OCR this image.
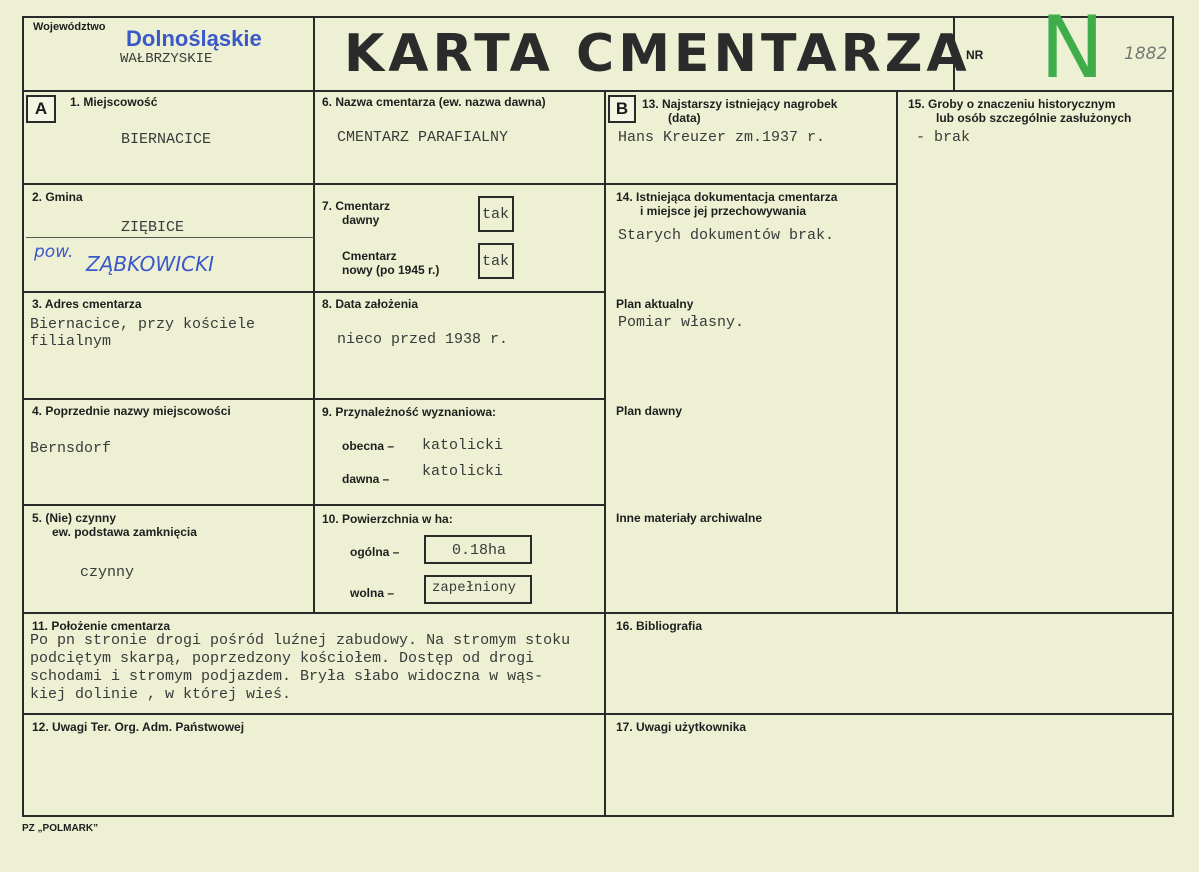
Województwo Dolnośląskie
WAŁBRZYSKIE	KARTA CMENTARZA
NR N 1882
A	1. Miejscowość
BIERNACICE
2. Gmina
ZIĘBICE
pow. ZĄBKOWICKI
3. Adres cmentarza
Biernacice, przy kościele
filialnym
4. Poprzednie nazwy miejscowości
Bernsdorf
5. (Nie) czynny
ew. podstawa zamknięcia
czynny
6. Nazwa cmentarza (ew. nazwa dawna)
CMENTARZ PARAFIALNY
7. Cmentarz
dawny	tak
Cmentarz
nowy (po 1945 r.)	tak
8. Data założenia
nieco przed 1938 r.
9. Przynależność wyznaniowa:
obecna – katolicki
dawna – katolicki
10. Powierzchnia w ha:
ogólna –	0.18ha
wolna –	zapełniony
B	13. Najstarszy istniejący nagrobek
(data)
Hans Kreuzer zm.1937 r.
14. Istniejąca dokumentacja cmentarza
i miejsce jej przechowywania
Starych dokumentów brak.
Plan aktualny
Pomiar własny.
Plan dawny
Inne materiały archiwalne
15. Groby o znaczeniu historycznym
lub osób szczególnie zasłużonych
- brak
11. Położenie cmentarza
Po pn stronie drogi pośród luźnej zabudowy. Na stromym stoku
podciętym skarpą, poprzedzony kościołem. Dostęp od drogi
schodami i stromym podjazdem. Bryła słabo widoczna w wąs-
kiej dolinie , w której wieś.
16. Bibliografia
12. Uwagi Ter. Org. Adm. Państwowej	17. Uwagi użytkownika
PZ „POLMARK”
